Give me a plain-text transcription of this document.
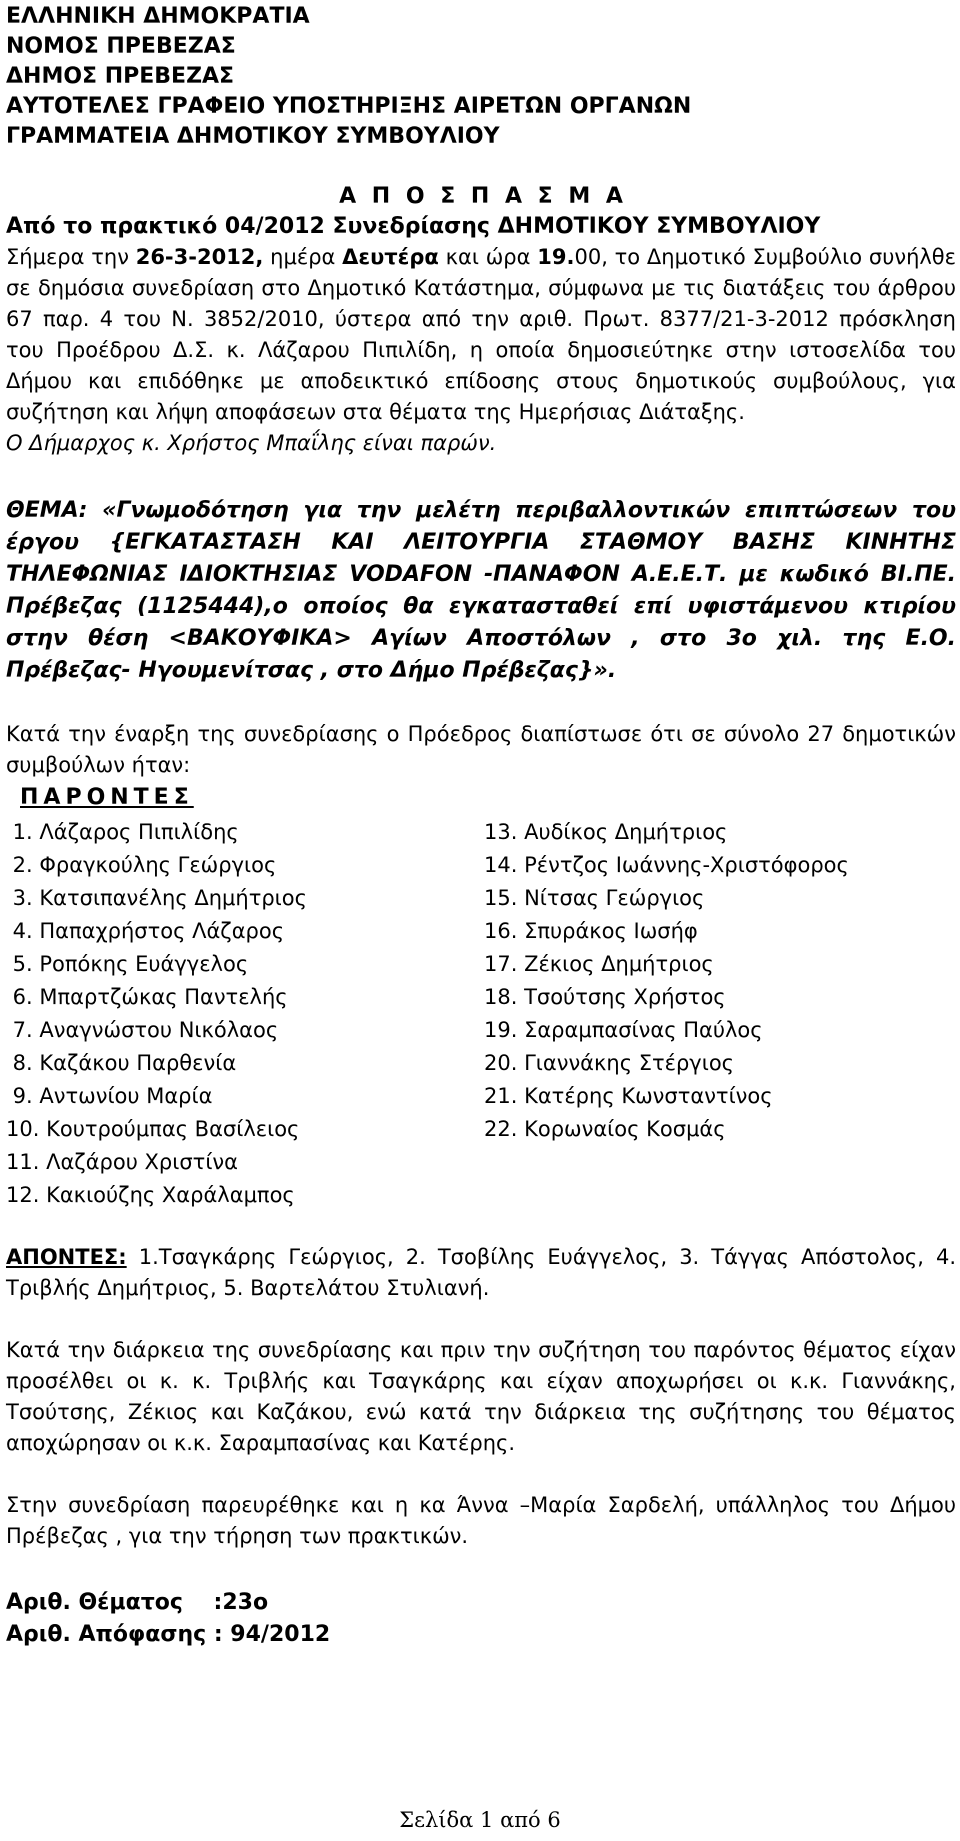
ΕΛΛΗΝΙΚΗ ΔΗΜΟΚΡΑΤΙΑ

ΝΟΜΟΣ ΠΡΕΒΕΖΑΣ

ΔΗΜΟΣ ΠΡΕΒΕΖΑΣ

ΑΥΤΟΤΕΛΕΣ ΓΡΑΦΕΙΟ ΥΠΟΣΤΗΡΙΞΗΣ ΑΙΡΕΤΩΝ ΟΡΓΑΝΩΝ

ΓΡΑΜΜΑΤΕΙΑ ΔΗΜΟΤΙΚΟΥ ΣΥΜΒΟΥΛΙΟΥ

Α Π Ο Σ Π Α Σ Μ Α

Από το πρακτικό 04/2012 Συνεδρίασης ΔΗΜΟΤΙΚΟΥ ΣΥΜΒΟΥΛΙΟΥ

Σήμερα την 26-3-2012, ημέρα Δευτέρα και ώρα 19.00, το Δημοτικό Συμβούλιο συνήλθε σε δημόσια συνεδρίαση στο Δημοτικό Κατάστημα, σύμφωνα με τις διατάξεις του άρθρου 67 παρ. 4 του Ν. 3852/2010, ύστερα από την αριθ. Πρωτ. 8377/21-3-2012 πρόσκληση του Προέδρου Δ.Σ. κ. Λάζαρου Πιπιλίδη, η οποία δημοσιεύτηκε στην ιστοσελίδα του Δήμου και επιδόθηκε με αποδεικτικό επίδοσης στους δημοτικούς συμβούλους, για συζήτηση και λήψη αποφάσεων στα θέματα της Ημερήσιας Διάταξης.

Ο Δήμαρχος κ. Χρήστος Μπαΐλης είναι παρών.

ΘΕΜΑ: «Γνωμοδότηση για την μελέτη περιβαλλοντικών επιπτώσεων του έργου {ΕΓΚΑΤΑΣΤΑΣΗ ΚΑΙ ΛΕΙΤΟΥΡΓΙΑ ΣΤΑΘΜΟΥ ΒΑΣΗΣ ΚΙΝΗΤΗΣ ΤΗΛΕΦΩΝΙΑΣ ΙΔΙΟΚΤΗΣΙΑΣ VODAFON -ΠΑΝΑΦΟΝ Α.Ε.Ε.Τ. με κωδικό ΒΙ.ΠΕ. Πρέβεζας (1125444),ο οποίος θα εγκατασταθεί επί υφιστάμενου κτιρίου στην θέση <ΒΑΚΟΥΦΙΚΑ> Αγίων Αποστόλων , στο 3ο χιλ. της Ε.Ο. Πρέβεζας- Ηγουμενίτσας , στο Δήμο Πρέβεζας}».

Κατά την έναρξη της συνεδρίασης ο Πρόεδρος διαπίστωσε ότι σε σύνολο 27 δημοτικών συμβούλων ήταν:

ΠΑΡΟΝΤΕΣ
1. Λάζαρος Πιπιλίδης
2. Φραγκούλης Γεώργιος
3. Κατσιπανέλης Δημήτριος
4. Παπαχρήστος Λάζαρος
5. Ροπόκης Ευάγγελος
6. Μπαρτζώκας Παντελής
7. Αναγνώστου Νικόλαος
8. Καζάκου Παρθενία
9. Αντωνίου Μαρία
10. Κουτρούμπας Βασίλειος
11. Λαζάρου Χριστίνα
12. Κακιούζης Χαράλαμπος
13. Αυδίκος Δημήτριος
14. Ρέντζος Ιωάννης-Χριστόφορος
15. Νίτσας Γεώργιος
16. Σπυράκος Ιωσήφ
17. Ζέκιος Δημήτριος
18. Τσούτσης Χρήστος
19. Σαραμπασίνας Παύλος
20. Γιαννάκης Στέργιος
21. Κατέρης Κωνσταντίνος
22. Κορωναίος Κοσμάς

ΑΠΟΝΤΕΣ: 1.Τσαγκάρης Γεώργιος, 2. Τσοβίλης Ευάγγελος, 3. Τάγγας Απόστολος, 4. Τριβλής Δημήτριος, 5. Βαρτελάτου Στυλιανή.

Κατά την διάρκεια της συνεδρίασης και πριν την συζήτηση του παρόντος θέματος είχαν προσέλθει οι κ. κ. Τριβλής και Τσαγκάρης και είχαν αποχωρήσει οι κ.κ. Γιαννάκης, Τσούτσης, Ζέκιος και Καζάκου, ενώ κατά την διάρκεια της συζήτησης του θέματος αποχώρησαν οι κ.κ. Σαραμπασίνας και Κατέρης.

Στην συνεδρίαση παρευρέθηκε και η κα Άννα –Μαρία Σαρδελή, υπάλληλος του Δήμου Πρέβεζας , για την τήρηση των πρακτικών.

Αριθ. Θέματος    :23ο
Αριθ. Απόφασης : 94/2012
Σελίδα 1 από 6
